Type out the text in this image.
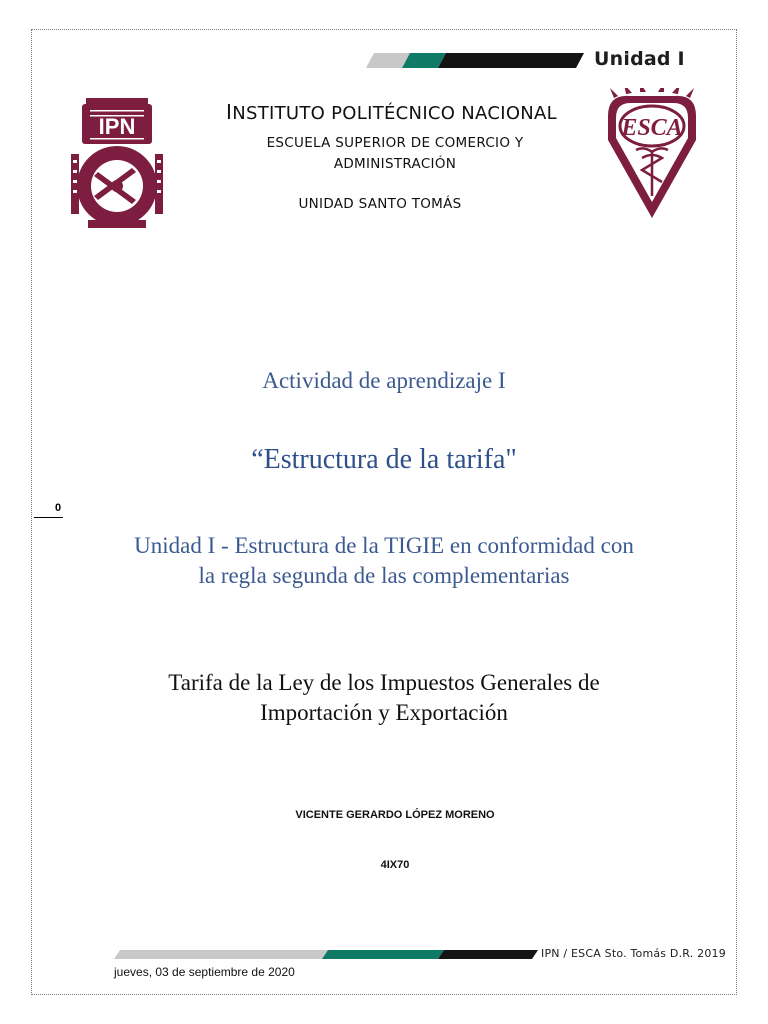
Unidad I
IPN	ESCA
INSTITUTO POLITÉCNICO NACIONAL
ESCUELA SUPERIOR DE COMERCIO Y
ADMINISTRACIÓN
UNIDAD SANTO TOMÁS
Actividad de aprendizaje I
“Estructura de la tarifa"
0
Unidad I - Estructura de la TIGIE en conformidad con
la regla segunda de las complementarias
Tarifa de la Ley de los Impuestos Generales de
Importación y Exportación
VICENTE GERARDO LÓPEZ MORENO
4IX70
IPN / ESCA Sto. Tomás D.R. 2019
jueves, 03 de septiembre de 2020
